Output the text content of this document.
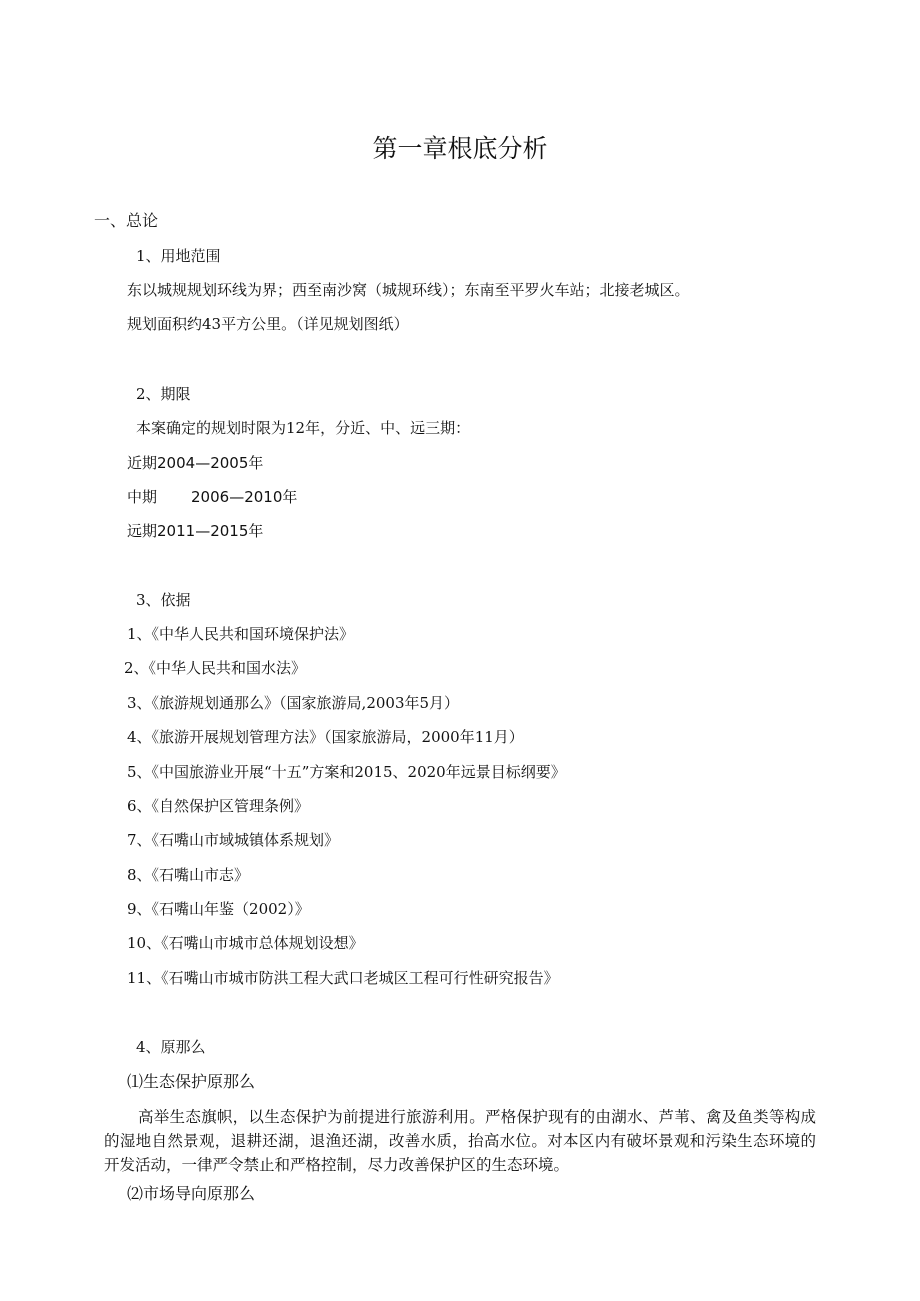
第一章根底分析
一、总论
1、用地范围
东以城规规划环线为界；西至南沙窝（城规环线）；东南至平罗火车站；北接老城区。
规划面积约43平方公里。（详见规划图纸）
2、期限
本案确定的规划时限为12年，分近、中、远三期：
近期2004—2005年
中期 2006—2010年
远期2011—2015年
3、依据
1、《中华人民共和国环境保护法》
2、《中华人民共和国水法》
3、《旅游规划通那么》（国家旅游局,2003年5月）
4、《旅游开展规划管理方法》（国家旅游局，2000年11月）
5、《中国旅游业开展“十五”方案和2015、2020年远景目标纲要》
6、《自然保护区管理条例》
7、《石嘴山市域城镇体系规划》
8、《石嘴山市志》
9、《石嘴山年鉴（2002）》
10、《石嘴山市城市总体规划设想》
11、《石嘴山市城市防洪工程大武口老城区工程可行性研究报告》
4、原那么
⑴生态保护原那么
高举生态旗帜，以生态保护为前提进行旅游利用。严格保护现有的由湖水、芦苇、禽及鱼类等构成的湿地自然景观，退耕还湖，退渔还湖，改善水质，抬高水位。对本区内有破坏景观和污染生态环境的开发活动，一律严令禁止和严格控制，尽力改善保护区的生态环境。
⑵市场导向原那么
